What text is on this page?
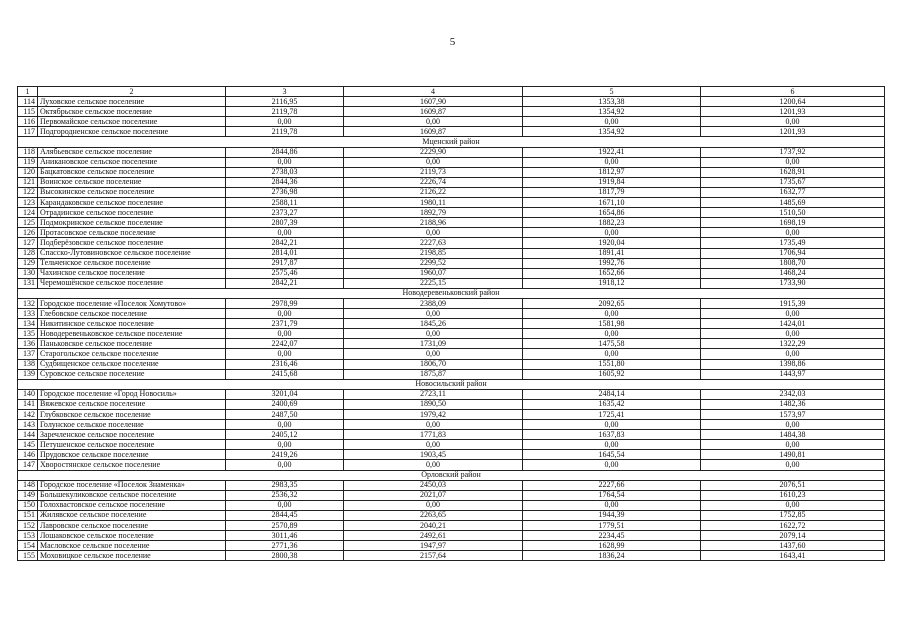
5
1	2	3	4	5	6
114	Луховское сельское поселение	2116,95	1607,90	1353,38	1200,64
115	Октябрьское сельское поселение	2119,78	1609,87	1354,92	1201,93
116	Первомайское сельское поселение	0,00	0,00	0,00	0,00
117	Подгородненское сельское поселение	2119,78	1609,87	1354,92	1201,93
Мценский район					
118	Алябьевское сельское поселение	2844,86	2229,90	1922,41	1737,92
119	Аникановское сельское поселение	0,00	0,00	0,00	0,00
120	Бацкатовское сельское поселение	2738,03	2119,73	1812,97	1628,91
121	Воинское сельское поселение	2844,36	2226,74	1919,84	1735,67
122	Высокинское сельское поселение	2736,98	2126,22	1817,79	1632,77
123	Карандаковское сельское поселение	2588,11	1980,11	1671,10	1485,69
124	Отрадинское сельское поселение	2373,27	1892,79	1654,86	1510,50
125	Подмокринское сельское поселение	2807,39	2188,96	1882,23	1698,19
126	Протасовское сельское поселение	0,00	0,00	0,00	0,00
127	Подберёзовское сельское поселение	2842,21	2227,63	1920,04	1735,49
128	Спасско-Лутовиновское сельское поселение	2814,01	2198,85	1891,41	1706,94
129	Тельченское сельское поселение	2917,87	2299,52	1992,76	1808,70
130	Чахинское сельское поселение	2575,46	1960,07	1652,66	1468,24
131	Черемошёнское сельское поселение	2842,21	2225,15	1918,12	1733,90
Новодеревеньковский район					
132	Городское поселение «Поселок Хомутово»	2978,99	2388,09	2092,65	1915,39
133	Глебовское сельское поселение	0,00	0,00	0,00	0,00
134	Никитинское сельское поселение	2371,79	1845,26	1581,98	1424,01
135	Новодеревеньковское сельское поселение	0,00	0,00	0,00	0,00
136	Паньковское сельское поселение	2242,07	1731,09	1475,58	1322,29
137	Старогольское сельское поселение	0,00	0,00	0,00	0,00
138	Судбищенское сельское поселение	2316,46	1806,70	1551,80	1398,86
139	Суровское сельское поселение	2415,68	1875,87	1605,92	1443,97
Новосильский район					
140	Городское поселение «Город Новосиль»	3201,04	2723,11	2484,14	2342,03
141	Вяжевское сельское поселение	2400,69	1890,50	1635,42	1482,36
142	Глубковское сельское поселение	2487,50	1979,42	1725,41	1573,97
143	Голунское сельское поселение	0,00	0,00	0,00	0,00
144	Заречленское сельское поселение	2405,12	1771,83	1637,83	1484,38
145	Петушенское сельское поселение	0,00	0,00	0,00	0,00
146	Прудовское сельское поселение	2419,26	1903,45	1645,54	1490,81
147	Хворостянское сельское поселение	0,00	0,00	0,00	0,00
Орловский район					
148	Городское поселение «Поселок Знаменка»	2983,35	2450,03	2227,66	2076,51
149	Большекуликовское сельское поселение	2536,32	2021,07	1764,54	1610,23
150	Голохвастовское сельское поселение	0,00	0,00	0,00	0,00
151	Жилявское сельское поселение	2844,45	2263,65	1944,39	1752,85
152	Лавровское сельское поселение	2570,89	2040,21	1779,51	1622,72
153	Лошаковское сельское поселение	3011,46	2492,61	2234,45	2079,14
154	Масловское сельское поселение	2771,36	1947,97	1628,99	1437,60
155	Моховицкое сельское поселение	2800,38	2157,64	1836,24	1643,41
